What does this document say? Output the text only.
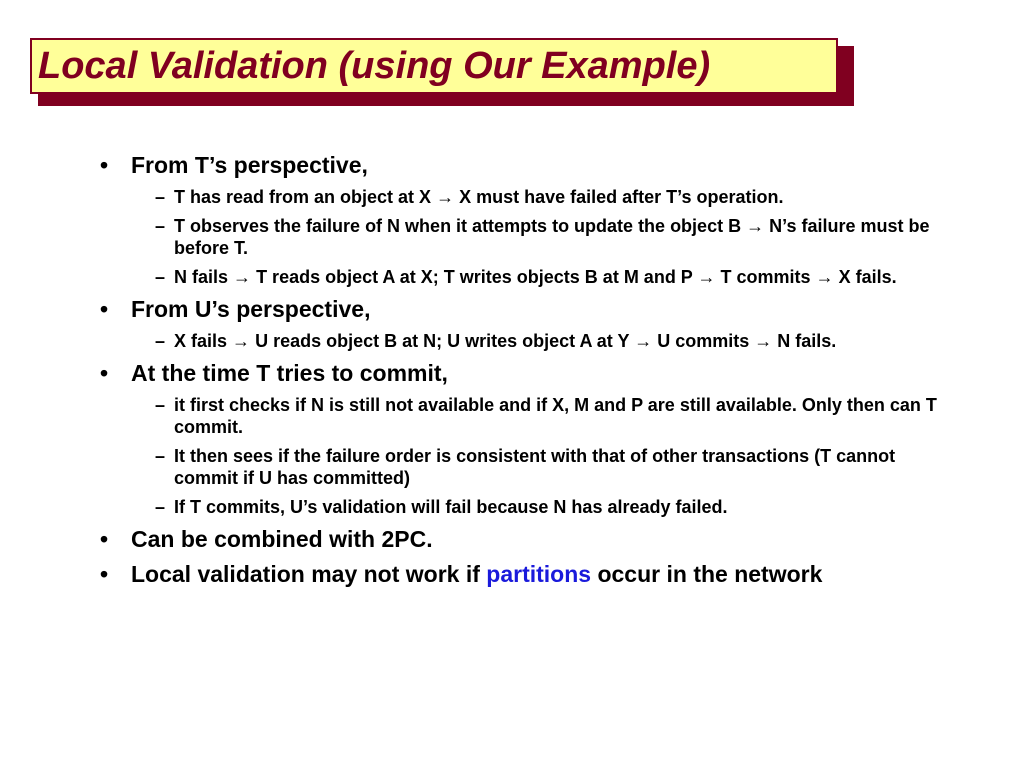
Local Validation (using Our Example)
• From T’s perspective,
– T has read from an object at X → X must have failed after T’s operation.
– T observes the failure of N when it attempts to update the object B → N’s failure must be before T.
– N fails → T reads object A at X; T writes objects B at M and P → T commits → X fails.
• From U’s perspective,
– X fails → U reads object B at N; U writes object A at Y → U commits → N fails.
• At the time T tries to commit,
– it first checks if N is still not available and if X, M and P are still available. Only then can T commit.
– It then sees if the failure order is consistent with that of other transactions (T cannot commit if U has committed)
– If T commits, U’s validation will fail because N has already failed.
• Can be combined with 2PC.
• Local validation may not work if partitions occur in the network
